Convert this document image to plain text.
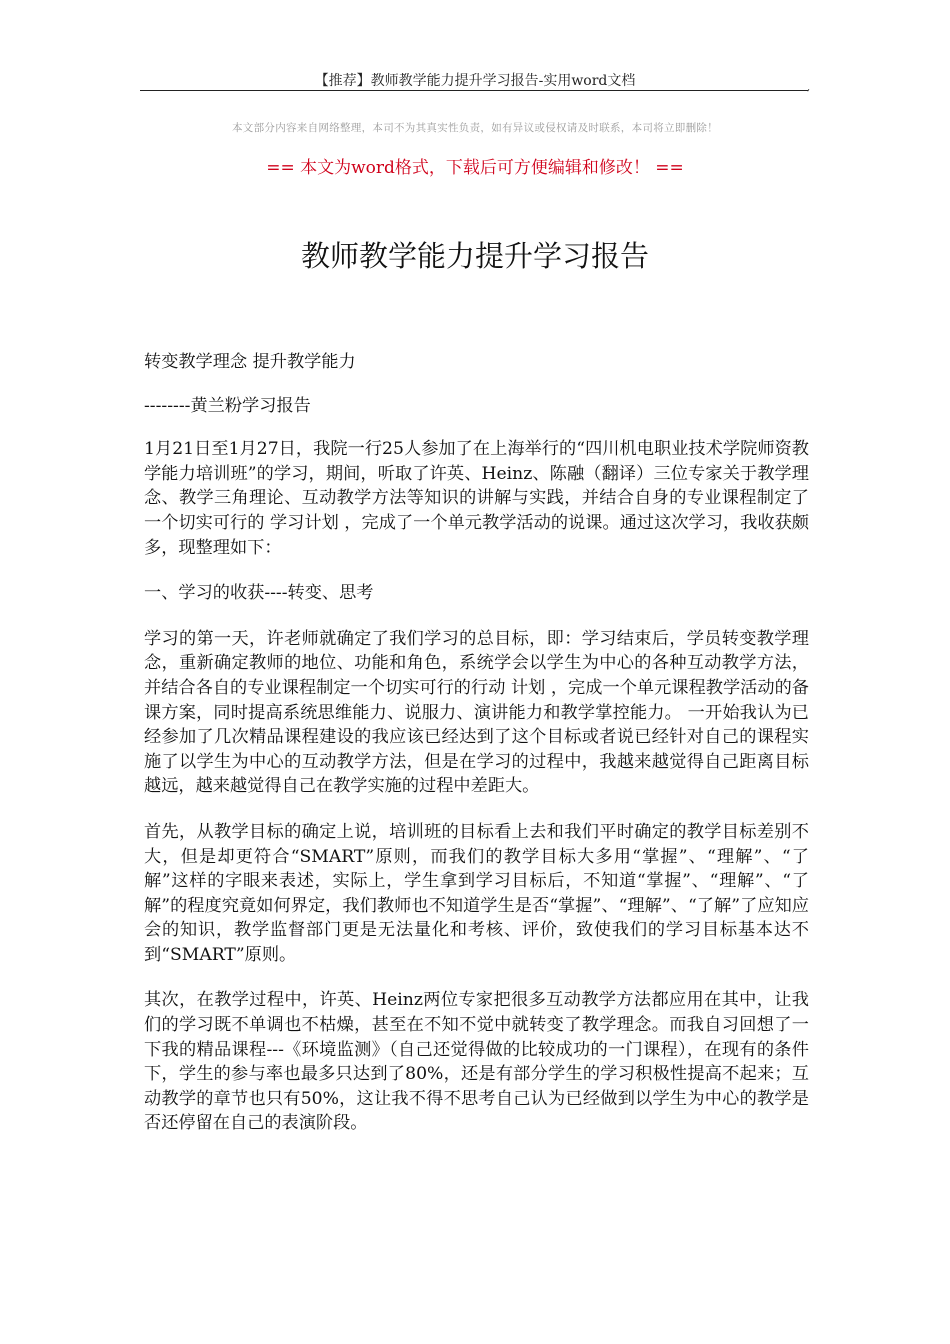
【推荐】教师教学能力提升学习报告-实用word文档	,
本文部分内容来自网络整理，本司不为其真实性负责，如有异议或侵权请及时联系，本司将立即删除！
== 本文为word格式，下载后可方便编辑和修改！ ==
教师教学能力提升学习报告

转变教学理念 提升教学能力

--------黄兰粉学习报告

1月21日至1月27日，我院一行25人参加了在上海举行的“四川机电职业技术学院师资教学能力培训班”的学习，期间，听取了许英、Heinz、陈融（翻译）三位专家关于教学理念、教学三角理论、互动教学方法等知识的讲解与实践，并结合自身的专业课程制定了一个切实可行的 学习计划 ，完成了一个单元教学活动的说课。通过这次学习，我收获颇多，现整理如下：

一、学习的收获----转变、思考

学习的第一天，许老师就确定了我们学习的总目标，即：学习结束后，学员转变教学理念，重新确定教师的地位、功能和角色，系统学会以学生为中心的各种互动教学方法，并结合各自的专业课程制定一个切实可行的行动 计划 ，完成一个单元课程教学活动的备课方案，同时提高系统思维能力、说服力、演讲能力和教学掌控能力。 一开始我认为已经参加了几次精品课程建设的我应该已经达到了这个目标或者说已经针对自己的课程实施了以学生为中心的互动教学方法，但是在学习的过程中，我越来越觉得自己距离目标越远，越来越觉得自己在教学实施的过程中差距大。

首先，从教学目标的确定上说，培训班的目标看上去和我们平时确定的教学目标差别不大，但是却更符合“SMART”原则，而我们的教学目标大多用“掌握”、“理解”、“了解”这样的字眼来表述，实际上，学生拿到学习目标后，不知道“掌握”、“理解”、“了解”的程度究竟如何界定，我们教师也不知道学生是否“掌握”、“理解”、“了解”了应知应会的知识，教学监督部门更是无法量化和考核、评价，致使我们的学习目标基本达不到“SMART”原则。

其次，在教学过程中，许英、Heinz两位专家把很多互动教学方法都应用在其中，让我们的学习既不单调也不枯燥，甚至在不知不觉中就转变了教学理念。而我自习回想了一下我的精品课程---《环境监测》（自己还觉得做的比较成功的一门课程），在现有的条件下，学生的参与率也最多只达到了80%，还是有部分学生的学习积极性提高不起来；互动教学的章节也只有50%，这让我不得不思考自己认为已经做到以学生为中心的教学是否还停留在自己的表演阶段。
